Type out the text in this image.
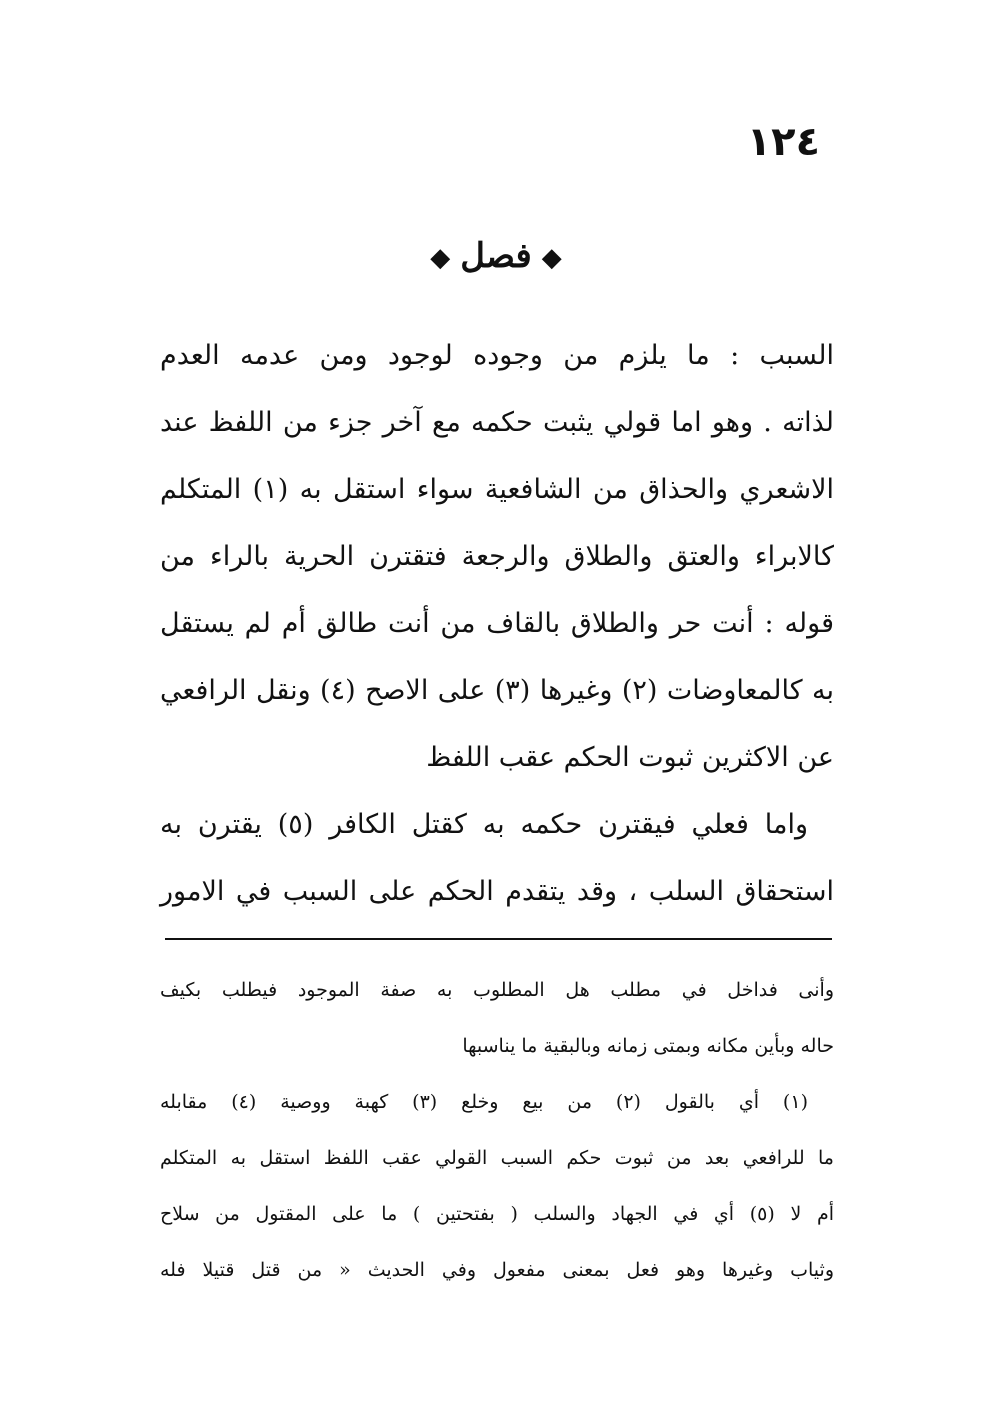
١٢٤
◆ فصل ◆
السبب : ما يلزم من وجوده لوجود ومن عدمه العدم
لذاته . وهو اما قولي يثبت حكمه مع آخر جزء من اللفظ عند
الاشعري والحذاق من الشافعية سواء استقل به (١) المتكلم
كالابراء والعتق والطلاق والرجعة فتقترن الحرية بالراء من
قوله : أنت حر والطلاق بالقاف من أنت طالق أم لم يستقل
به كالمعاوضات (٢) وغيرها (٣) على الاصح (٤) ونقل الرافعي
عن الاكثرين ثبوت الحكم عقب اللفظ
واما فعلي فيقترن حكمه به كقتل الكافر (٥) يقترن به
استحقاق السلب ، وقد يتقدم الحكم على السبب في الامور
وأنى فداخل في مطلب هل المطلوب به صفة الموجود فيطلب بكيف
حاله وبأين مكانه وبمتى زمانه وبالبقية ما يناسبها
(١) أي بالقول (٢) من بيع وخلع (٣) كهبة ووصية (٤) مقابله
ما للرافعي بعد من ثبوت حكم السبب القولي عقب اللفظ استقل به المتكلم
أم لا (٥) أي في الجهاد والسلب ( بفتحتين ) ما على المقتول من سلاح
وثياب وغيرها وهو فعل بمعنى مفعول وفي الحديث « من قتل قتيلا فله
